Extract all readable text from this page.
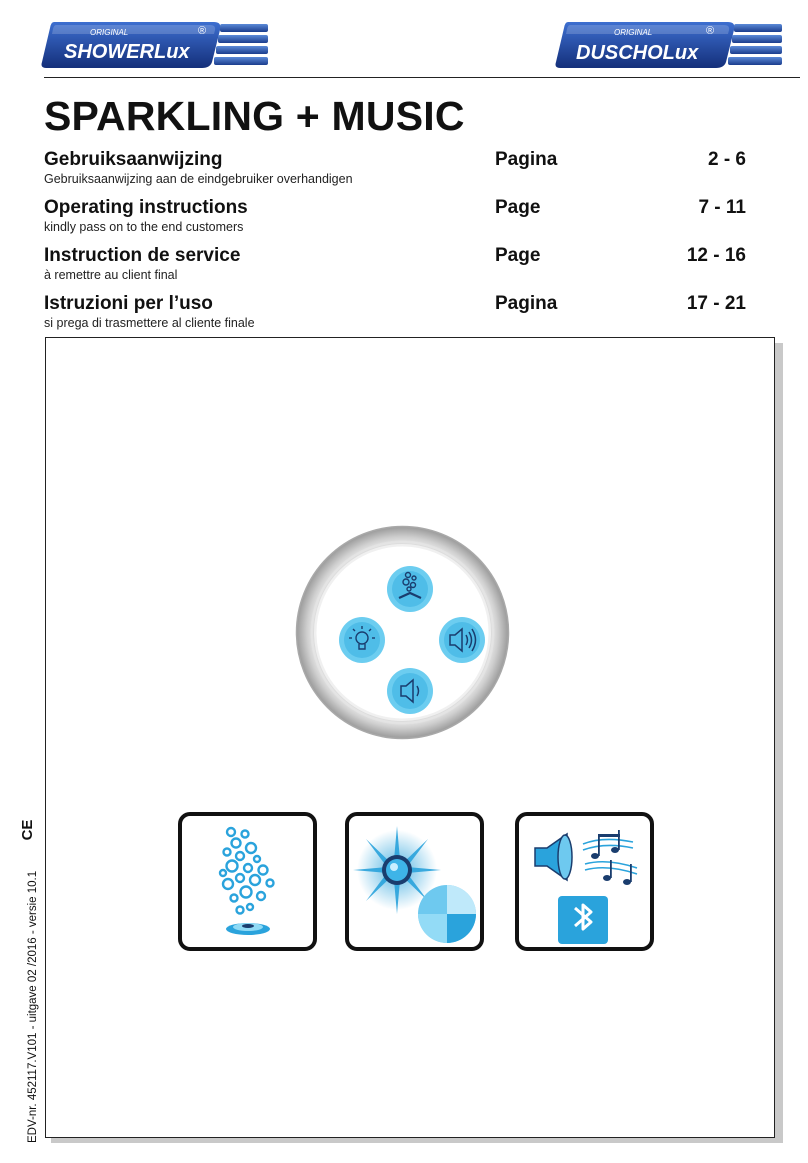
ORIGINAL
SHOWERLux
®	ORIGINAL
DUSCHOLux
®
SPARKLING + MUSIC
Gebruiksaanwijzing
Gebruiksaanwijzing aan de eindgebruiker overhandigen
Pagina	2 - 6
Operating instructions
kindly pass on to the end customers
Page	7 - 11
Instruction de service
à remettre au client final
Page	12 - 16
Istruzioni per l’uso
si prega di trasmettere al cliente finale
Pagina	17 - 21
EDV-nr. 452117.V101 - uitgave 02 /2016 - versie 10.1
CE
